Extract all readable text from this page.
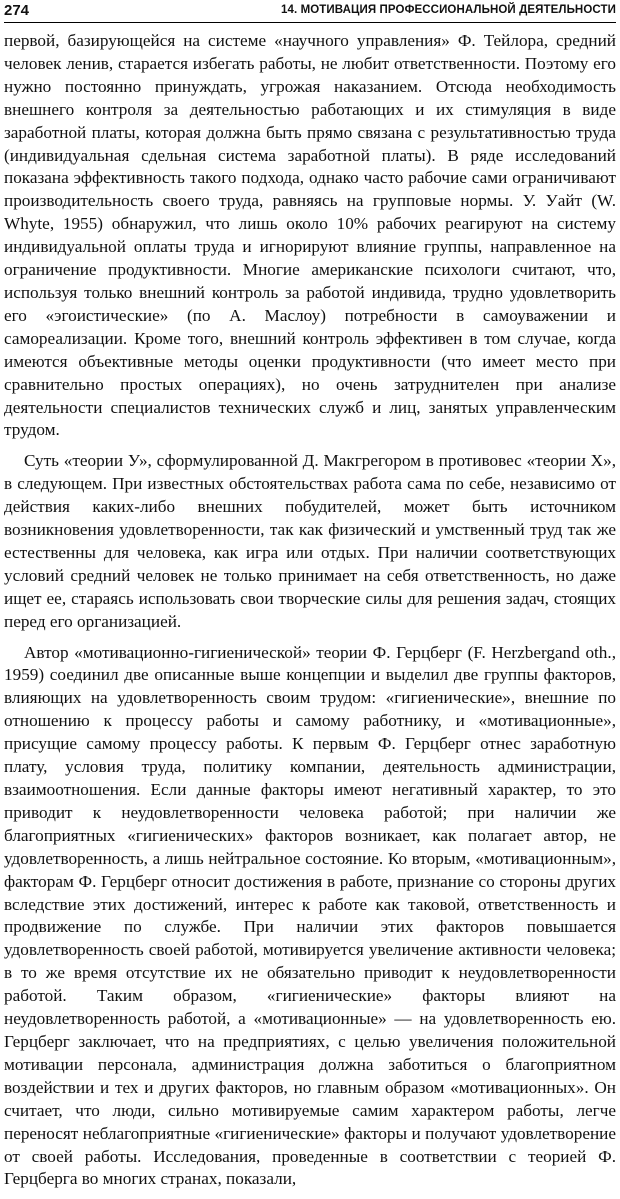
274	14. МОТИВАЦИЯ ПРОФЕССИОНАЛЬНОЙ ДЕЯТЕЛЬНОСТИ

первой, базирующейся на системе «научного управления» Ф. Тейлора, средний человек ленив, старается избегать работы, не любит ответственности. Поэтому его нужно постоянно принуждать, угрожая наказанием. Отсюда необходимость внешнего контроля за деятельностью работающих и их стимуляция в виде заработной платы, которая должна быть прямо связана с результативностью труда (индивидуальная сдельная система заработной платы). В ряде исследований показана эффективность такого подхода, однако часто рабочие сами ограничивают производительность своего труда, равняясь на групповые нормы. У. Уайт (W. Whyte, 1955) обнаружил, что лишь около 10% рабочих реагируют на систему индивидуальной оплаты труда и игнорируют влияние группы, направленное на ограничение продуктивности. Многие американские психологи считают, что, используя только внешний контроль за работой индивида, трудно удовлетворить его «эгоистические» (по А. Маслоу) потребности в самоуважении и самореализации. Кроме того, внешний контроль эффективен в том случае, когда имеются объективные методы оценки продуктивности (что имеет место при сравнительно простых операциях), но очень затруднителен при анализе деятельности специалистов технических служб и лиц, занятых управленческим трудом.

Суть «теории У», сформулированной Д. Макгрегором в противовес «теории X», в следующем. При известных обстоятельствах работа сама по себе, независимо от действия каких-либо внешних побудителей, может быть источником возникновения удовлетворенности, так как физический и умственный труд так же естественны для человека, как игра или отдых. При наличии соответствующих условий средний человек не только принимает на себя ответственность, но даже ищет ее, стараясь использовать свои творческие силы для решения задач, стоящих перед его организацией.

Автор «мотивационно-гигиенической» теории Ф. Герцберг (F. Herzbergand oth., 1959) соединил две описанные выше концепции и выделил две группы факторов, влияющих на удовлетворенность своим трудом: «гигиенические», внешние по отношению к процессу работы и самому работнику, и «мотивационные», присущие самому процессу работы. К первым Ф. Герцберг отнес заработную плату, условия труда, политику компании, деятельность администрации, взаимоотношения. Если данные факторы имеют негативный характер, то это приводит к неудовлетворенности человека работой; при наличии же благоприятных «гигиенических» факторов возникает, как полагает автор, не удовлетворенность, а лишь нейтральное состояние. Ко вторым, «мотивационным», факторам Ф. Герцберг относит достижения в работе, признание со стороны других вследствие этих достижений, интерес к работе как таковой, ответственность и продвижение по службе. При наличии этих факторов повышается удовлетворенность своей работой, мотивируется увеличение активности человека; в то же время отсутствие их не обязательно приводит к неудовлетворенности работой. Таким образом, «гигиенические» факторы влияют на неудовлетворенность работой, а «мотивационные» — на удовлетворенность ею. Герцберг заключает, что на предприятиях, с целью увеличения положительной мотивации персонала, администрация должна заботиться о благоприятном воздействии и тех и других факторов, но главным образом «мотивационных». Он считает, что люди, сильно мотивируемые самим характером работы, легче переносят неблагоприятные «гигиенические» факторы и получают удовлетворение от своей работы. Исследования, проведенные в соответствии с теорией Ф. Герцберга во многих странах, показали,
